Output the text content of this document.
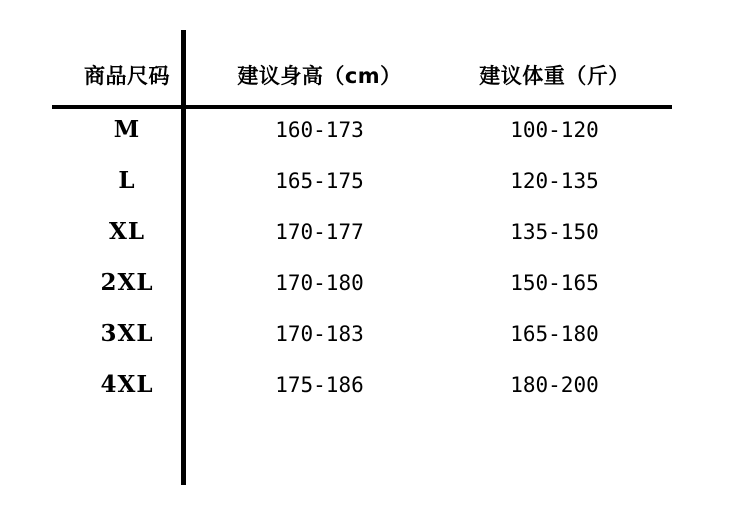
商品尺码	建议身高（cm）	建议体重（斤）
M	160-173	100-120
L	165-175	120-135
XL	170-177	135-150
2XL	170-180	150-165
3XL	170-183	165-180
4XL	175-186	180-200
